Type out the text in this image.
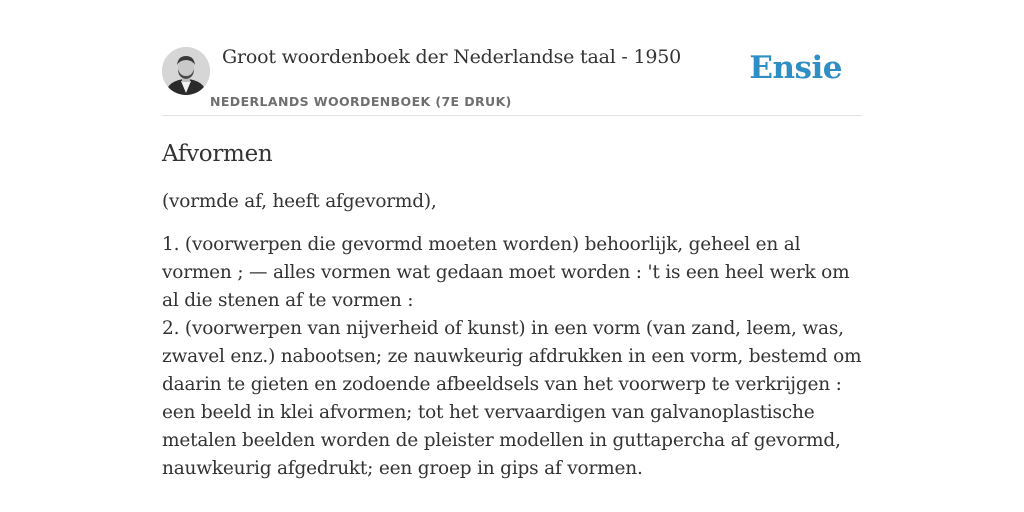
Groot woordenboek der Nederlandse taal - 1950
NEDERLANDS WOORDENBOEK (7E DRUK)
Ensie
Afvormen

(vormde af, heeft afgevormd),

1. (voorwerpen die gevormd moeten worden) behoorlijk, geheel en al vormen ; — alles vormen wat gedaan moet worden : 't is een heel werk om al die stenen af te vormen :
2. (voorwerpen van nijverheid of kunst) in een vorm (van zand, leem, was, zwavel enz.) nabootsen; ze nauwkeurig afdrukken in een vorm, bestemd om daarin te gieten en zodoende afbeeldsels van het voorwerp te verkrijgen : een beeld in klei afvormen; tot het vervaardigen van galvanoplastische metalen beelden worden de pleister modellen in guttapercha af gevormd, nauwkeurig afgedrukt; een groep in gips af vormen.
